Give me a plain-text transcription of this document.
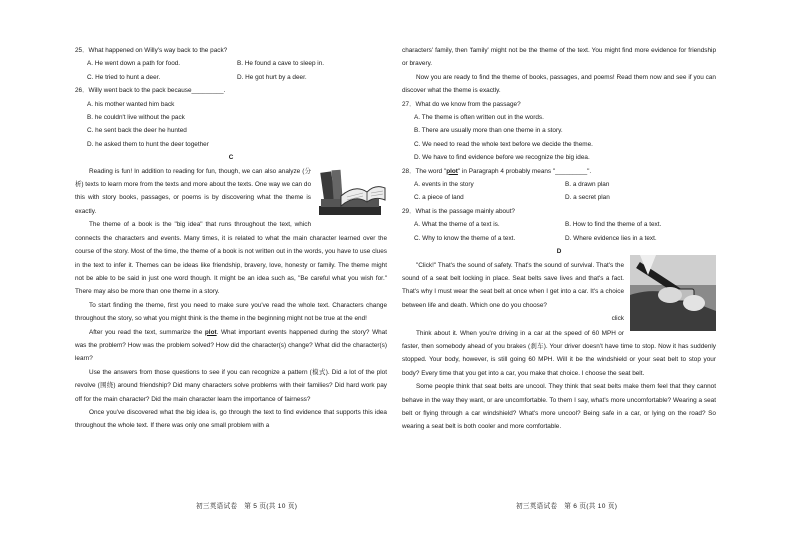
25．What happened on Willy's way back to the pack?

A. He went down a path for food.	B. He found a cave to sleep in.
C. He tried to hunt a deer.	D. He got hurt by a deer.

26．Willy went back to the pack because_________.

A. his mother wanted him back

B. he couldn't live without the pack

C. he sent back the deer he hunted

D. he asked them to hunt the deer together

C

Reading is fun! In addition to reading for fun, though, we can also analyze (分析) texts to learn more from the texts and more about the texts. One way we can do this with story books, passages, or poems is by discovering what the theme is exactly.

The theme of a book is the "big idea" that runs throughout the text, which connects the characters and events. Many times, it is related to what the main character learned over the course of the story. Most of the time, the theme of a book is not written out in the words, you have to use clues in the text to infer it. Themes can be ideas like friendship, bravery, love, honesty or family. The theme might not be able to be said in just one word though. It might be an idea such as, "Be careful what you wish for." There may also be more than one theme in a story.

To start finding the theme, first you need to make sure you've read the whole text. Characters change throughout the story, so what you might think is the theme in the beginning might not be true at the end!

After you read the text, summarize the plot. What important events happened during the story? What was the problem? How was the problem solved? How did the character(s) change? What did the character(s) learn?

Use the answers from those questions to see if you can recognize a pattern (模式). Did a lot of the plot revolve (围绕) around friendship? Did many characters solve problems with their families? Did hard work pay off for the main character? Did the main character learn the importance of fairness?

Once you've discovered what the big idea is, go through the text to find evidence that supports this idea throughout the whole text. If there was only one small problem with a

初三英语试卷　第 5 页(共 10 页)

characters' family, then 'family' might not be the theme of the text. You might find more evidence for friendship or bravery.

Now you are ready to find the theme of books, passages, and poems! Read them now and see if you can discover what the theme is exactly.

27．What do we know from the passage?

A. The theme is often written out in the words.

B. There are usually more than one theme in a story.

C. We need to read the whole text before we decide the theme.

D. We have to find evidence before we recognize the big idea.

28．The word "plot" in Paragraph 4 probably means "_________".

A. events in the story	B. a drawn plan
C. a piece of land	D. a secret plan

29．What is the passage mainly about?

A. What the theme of a text is.	B. How to find the theme of a text.
C. Why to know the theme of a text.	D. Where evidence lies in a text.

D

"Click!" That's the sound of safety. That's the sound of survival. That's the sound of a seat belt locking in place. Seat belts save lives and that's a fact. That's why I must wear the seat belt at once when I get into a car. It's a choice between life and death. Which one do you choose?

click

Think about it. When you're driving in a car at the speed of 60 MPH or faster, then somebody ahead of you brakes (刹车). Your driver doesn't have time to stop. Now it has suddenly stopped. Your body, however, is still going 60 MPH. Will it be the windshield or your seat belt to stop your body? Every time that you get into a car, you make that choice. I choose the seat belt.

Some people think that seat belts are uncool. They think that seat belts make them feel that they cannot behave in the way they want, or are uncomfortable. To them I say, what's more uncomfortable? Wearing a seat belt or flying through a car windshield? What's more uncool? Being safe in a car, or lying on the road? So wearing a seat belt is both cooler and more comfortable.

初三英语试卷　第 6 页(共 10 页)
